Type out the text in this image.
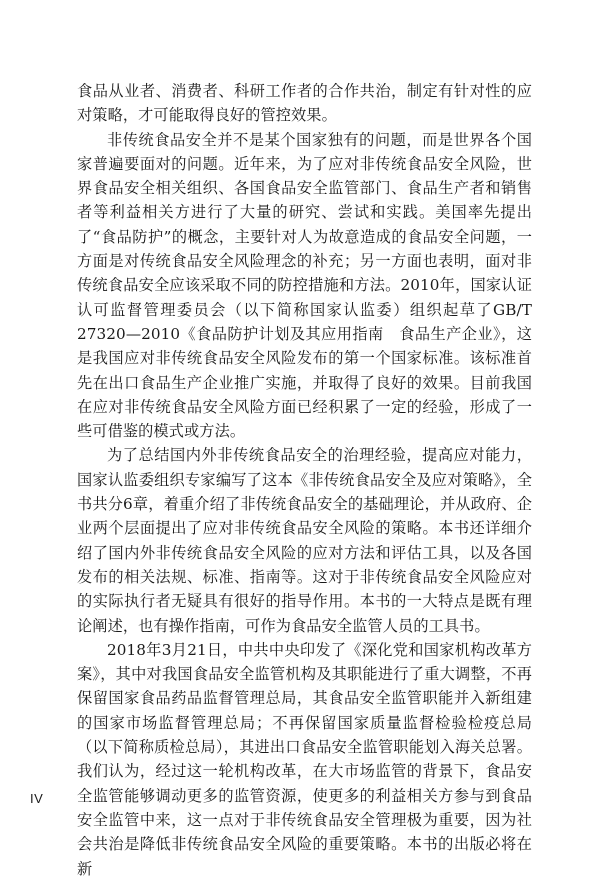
食品从业者、消费者、科研工作者的合作共治，制定有针对性的应对策略，才可能取得良好的管控效果。

非传统食品安全并不是某个国家独有的问题，而是世界各个国家普遍要面对的问题。近年来，为了应对非传统食品安全风险，世界食品安全相关组织、各国食品安全监管部门、食品生产者和销售者等利益相关方进行了大量的研究、尝试和实践。美国率先提出了“食品防护”的概念，主要针对人为故意造成的食品安全问题，一方面是对传统食品安全风险理念的补充；另一方面也表明，面对非传统食品安全应该采取不同的防控措施和方法。2010年，国家认证认可监督管理委员会（以下简称国家认监委）组织起草了GB/T 27320—2010《食品防护计划及其应用指南　食品生产企业》，这是我国应对非传统食品安全风险发布的第一个国家标准。该标准首先在出口食品生产企业推广实施，并取得了良好的效果。目前我国在应对非传统食品安全风险方面已经积累了一定的经验，形成了一些可借鉴的模式或方法。

为了总结国内外非传统食品安全的治理经验，提高应对能力，国家认监委组织专家编写了这本《非传统食品安全及应对策略》，全书共分6章，着重介绍了非传统食品安全的基础理论，并从政府、企业两个层面提出了应对非传统食品安全风险的策略。本书还详细介绍了国内外非传统食品安全风险的应对方法和评估工具，以及各国发布的相关法规、标准、指南等。这对于非传统食品安全风险应对的实际执行者无疑具有很好的指导作用。本书的一大特点是既有理论阐述，也有操作指南，可作为食品安全监管人员的工具书。

2018年3月21日，中共中央印发了《深化党和国家机构改革方案》，其中对我国食品安全监管机构及其职能进行了重大调整，不再保留国家食品药品监督管理总局，其食品安全监管职能并入新组建的国家市场监督管理总局；不再保留国家质量监督检验检疫总局（以下简称质检总局），其进出口食品安全监管职能划入海关总署。我们认为，经过这一轮机构改革，在大市场监管的背景下，食品安全监管能够调动更多的监管资源，使更多的利益相关方参与到食品安全监管中来，这一点对于非传统食品安全管理极为重要，因为社会共治是降低非传统食品安全风险的重要策略。本书的出版必将在新

IV
